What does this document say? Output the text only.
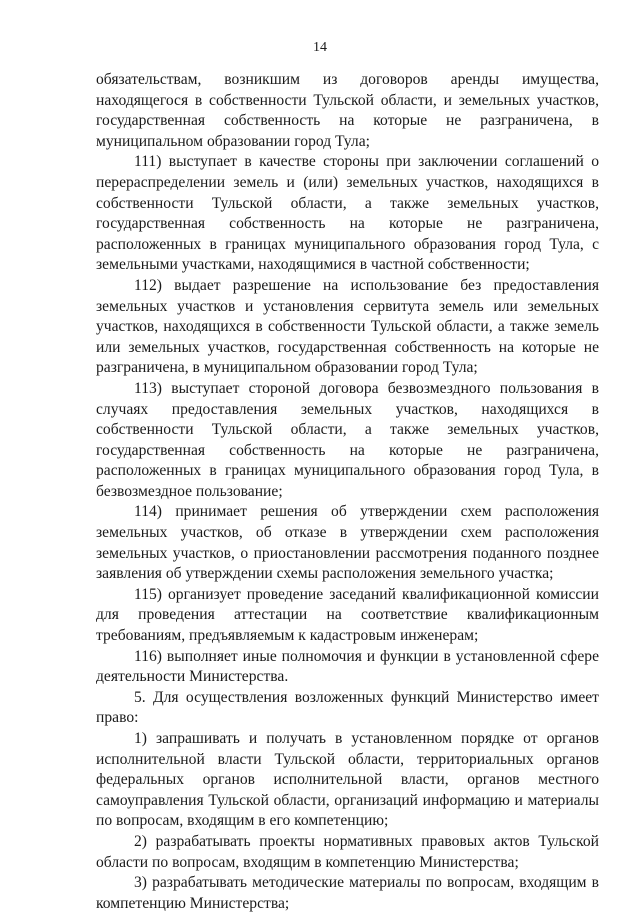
14

обязательствам, возникшим из договоров аренды имущества, находящегося в собственности Тульской области, и земельных участков, государственная собственность на которые не разграничена, в муниципальном образовании город Тула;

111) выступает в качестве стороны при заключении соглашений о перераспределении земель и (или) земельных участков, находящихся в собственности Тульской области, а также земельных участков, государственная собственность на которые не разграничена, расположенных в границах муниципального образования город Тула, с земельными участками, находящимися в частной собственности;

112) выдает разрешение на использование без предоставления земельных участков и установления сервитута земель или земельных участков, находящихся в собственности Тульской области, а также земель или земельных участков, государственная собственность на которые не разграничена, в муниципальном образовании город Тула;

113) выступает стороной договора безвозмездного пользования в случаях предоставления земельных участков, находящихся в собственности Тульской области, а также земельных участков, государственная собственность на которые не разграничена, расположенных в границах муниципального образования город Тула, в безвозмездное пользование;

114) принимает решения об утверждении схем расположения земельных участков, об отказе в утверждении схем расположения земельных участков, о приостановлении рассмотрения поданного позднее заявления об утверждении схемы расположения земельного участка;

115) организует проведение заседаний квалификационной комиссии для проведения аттестации на соответствие квалификационным требованиям, предъявляемым к кадастровым инженерам;

116) выполняет иные полномочия и функции в установленной сфере деятельности Министерства.

5. Для осуществления возложенных функций Министерство имеет право:

1) запрашивать и получать в установленном порядке от органов исполнительной власти Тульской области, территориальных органов федеральных органов исполнительной власти, органов местного самоуправления Тульской области, организаций информацию и материалы по вопросам, входящим в его компетенцию;

2) разрабатывать проекты нормативных правовых актов Тульской области по вопросам, входящим в компетенцию Министерства;

3) разрабатывать методические материалы по вопросам, входящим в компетенцию Министерства;
